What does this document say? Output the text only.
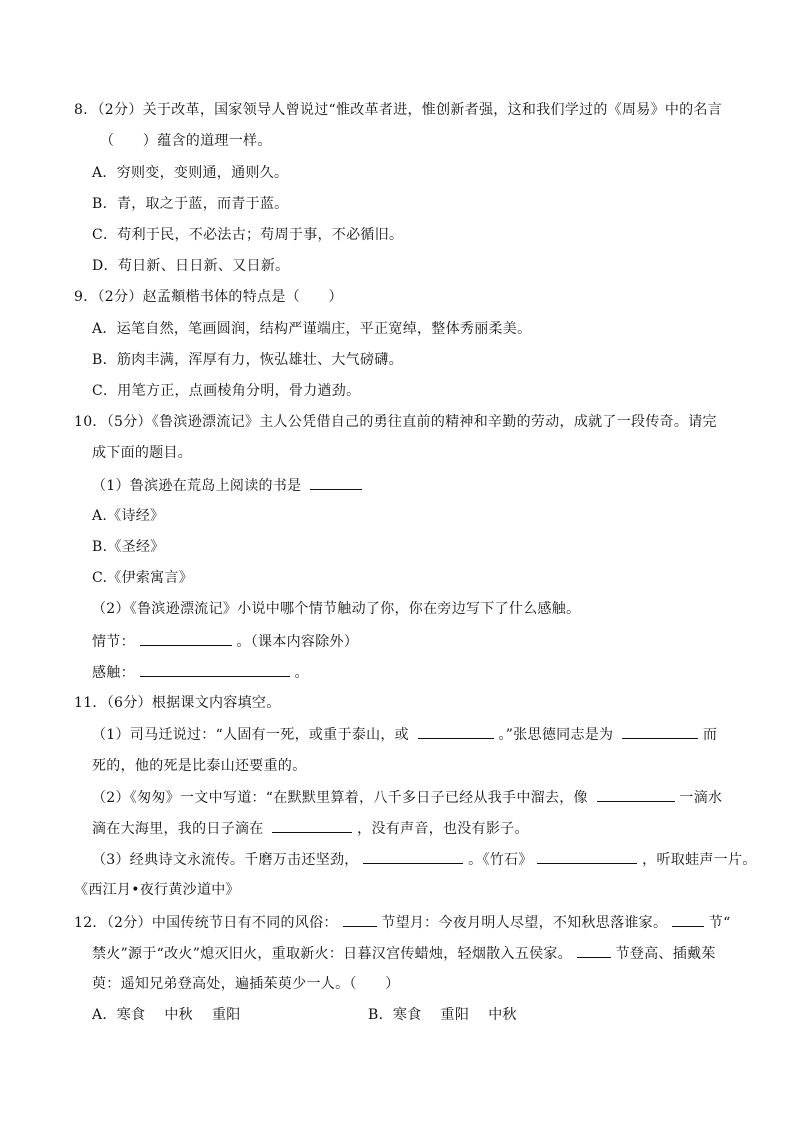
8．（2分）关于改革，国家领导人曾说过“惟改革者进，惟创新者强，这和我们学过的《周易》中的名言
（　　）蕴含的道理一样。
A．穷则变，变则通，通则久。
B．青，取之于蓝，而青于蓝。
C．苟利于民，不必法古；苟周于事，不必循旧。
D．苟日新、日日新、又日新。
9．（2分）赵孟頫楷书体的特点是（　　）
A．运笔自然，笔画圆润，结构严谨端庄，平正宽绰，整体秀丽柔美。
B．筋肉丰满，浑厚有力，恢弘雄壮、大气磅礴。
C．用笔方正，点画棱角分明，骨力遒劲。
10．（5分）《鲁滨逊漂流记》主人公凭借自己的勇往直前的精神和辛勤的劳动，成就了一段传奇。请完
成下面的题目。
（1）鲁滨逊在荒岛上阅读的书是
A.《诗经》
B.《圣经》
C.《伊索寓言》
（2）《鲁滨逊漂流记》小说中哪个情节触动了你，你在旁边写下了什么感触。
情节：	。（课本内容除外）
感触：	。
11．（6分）根据课文内容填空。
（1）司马迁说过：“人固有一死，或重于泰山，或	。”张思德同志是为	而
死的，他的死是比泰山还要重的。
（2）《匆匆》一文中写道：“在默默里算着，八千多日子已经从我手中溜去，像	一滴水
滴在大海里，我的日子滴在	，没有声音，也没有影子。
（3）经典诗文永流传。千磨万击还坚劲，	。《竹石》	，听取蛙声一片。
《西江月•夜行黄沙道中》
12．（2分）中国传统节日有不同的风俗：	节望月：今夜月明人尽望，不知秋思落谁家。	节“
禁火”源于“改火”熄灭旧火，重取新火：日暮汉宫传蜡烛，轻烟散入五侯家。	节登高、插戴茱
萸：遥知兄弟登高处，遍插茱萸少一人。（　　）
A．寒食　 中秋　 重阳	B．寒食　 重阳　 中秋
